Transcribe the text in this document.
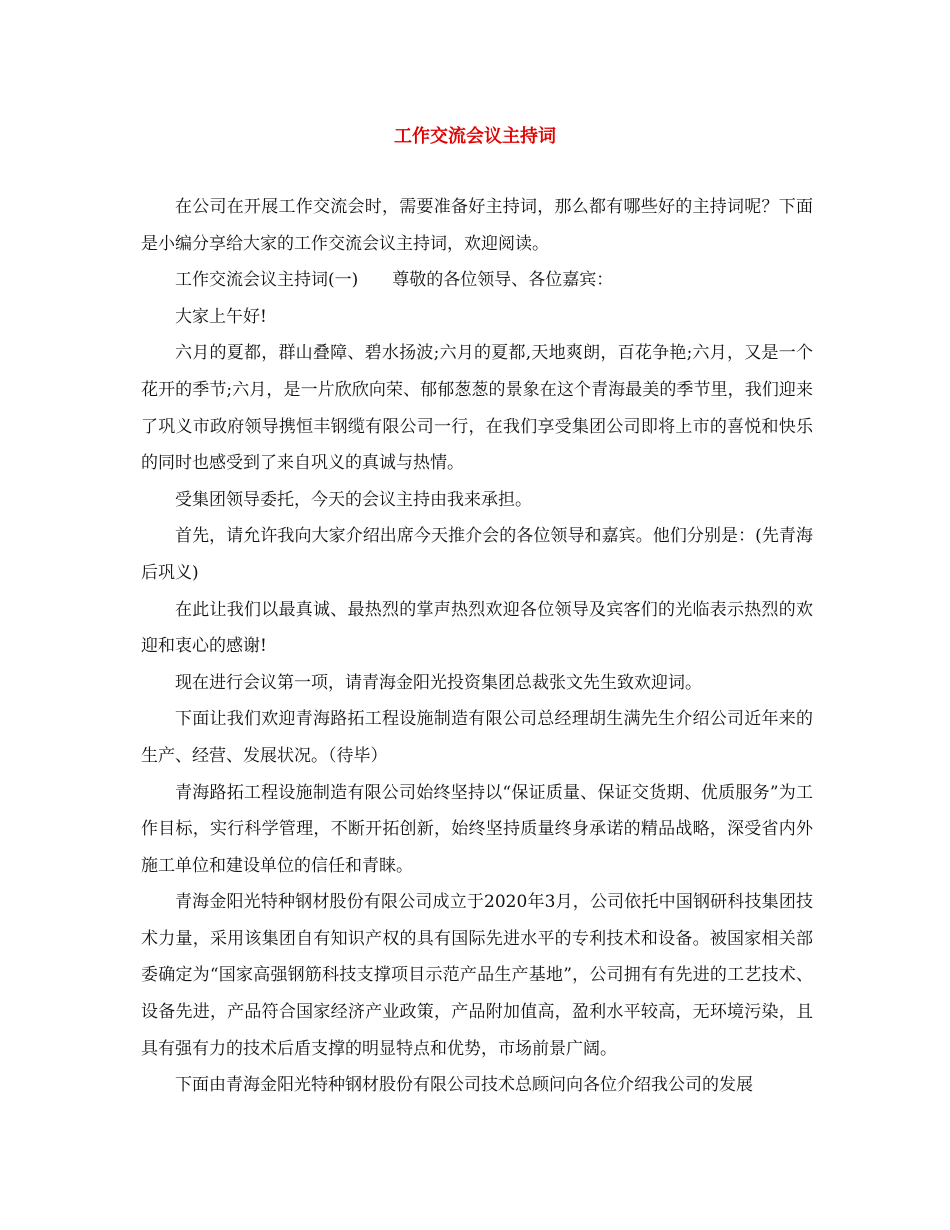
工作交流会议主持词

在公司在开展工作交流会时，需要准备好主持词，那么都有哪些好的主持词呢？下面是小编分享给大家的工作交流会议主持词，欢迎阅读。

工作交流会议主持词(一)　　尊敬的各位领导、各位嘉宾：

大家上午好!

六月的夏都，群山叠障、碧水扬波;六月的夏都,天地爽朗，百花争艳;六月，又是一个花开的季节;六月，是一片欣欣向荣、郁郁葱葱的景象在这个青海最美的季节里，我们迎来了巩义市政府领导携恒丰钢缆有限公司一行，在我们享受集团公司即将上市的喜悦和快乐的同时也感受到了来自巩义的真诚与热情。

受集团领导委托，今天的会议主持由我来承担。

首先，请允许我向大家介绍出席今天推介会的各位领导和嘉宾。他们分别是：(先青海后巩义)

在此让我们以最真诚、最热烈的掌声热烈欢迎各位领导及宾客们的光临表示热烈的欢迎和衷心的感谢!

现在进行会议第一项，请青海金阳光投资集团总裁张文先生致欢迎词。

下面让我们欢迎青海路拓工程设施制造有限公司总经理胡生满先生介绍公司近年来的生产、经营、发展状况。（待毕）

青海路拓工程设施制造有限公司始终坚持以“保证质量、保证交货期、优质服务”为工作目标，实行科学管理，不断开拓创新，始终坚持质量终身承诺的精品战略，深受省内外施工单位和建设单位的信任和青睐。

青海金阳光特种钢材股份有限公司成立于2020年3月，公司依托中国钢研科技集团技术力量，采用该集团自有知识产权的具有国际先进水平的专利技术和设备。被国家相关部委确定为“国家高强钢筋科技支撑项目示范产品生产基地”，公司拥有有先进的工艺技术、设备先进，产品符合国家经济产业政策，产品附加值高，盈利水平较高，无环境污染，且具有强有力的技术后盾支撑的明显特点和优势，市场前景广阔。

下面由青海金阳光特种钢材股份有限公司技术总顾问向各位介绍我公司的发展
